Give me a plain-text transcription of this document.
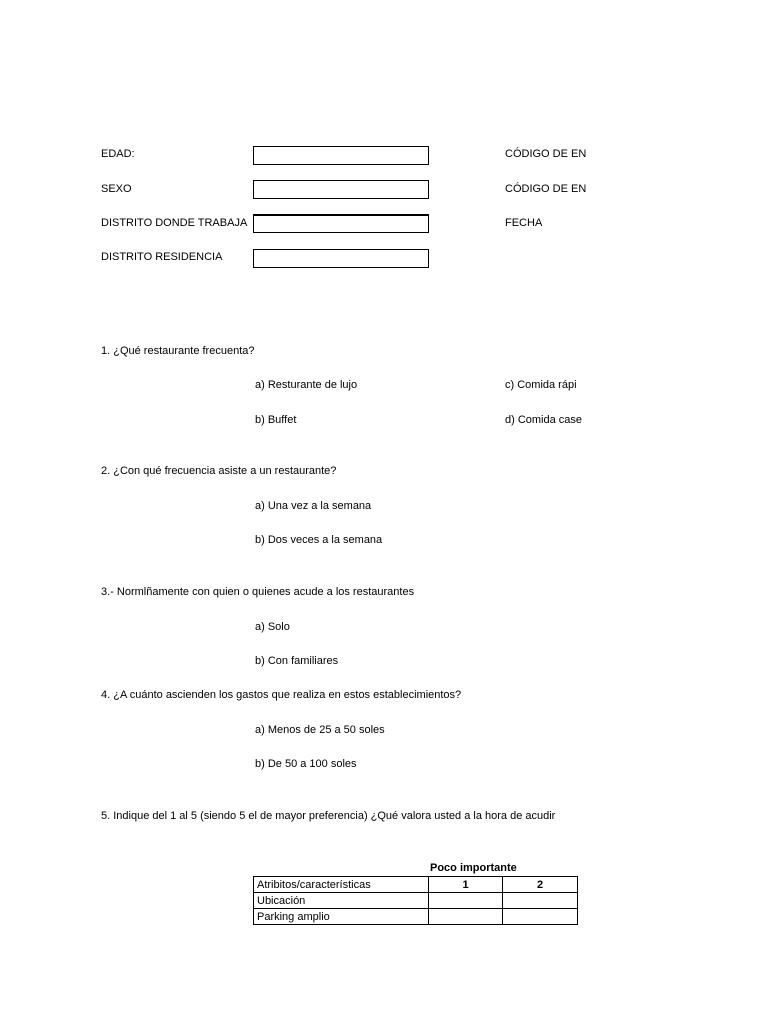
EDAD:	CÓDIGO DE EN
SEXO	CÓDIGO DE EN
DISTRITO DONDE TRABAJA	FECHA
DISTRITO RESIDENCIA
1. ¿Qué restaurante frecuenta?
a) Resturante de lujo	c) Comida rápi
b) Buffet	d) Comida case
2. ¿Con qué frecuencia asiste a un restaurante?
a) Una vez a la semana
b) Dos veces a la semana
3.- Normlñamente con quien o quienes acude a los restaurantes
a) Solo
b) Con familiares
4. ¿A cuánto ascienden los gastos que realiza en estos establecimientos?
a) Menos de 25 a 50 soles
b) De 50 a 100 soles
5. Indique del 1 al 5 (siendo 5 el de mayor preferencia) ¿Qué valora usted a la hora de acudir
Poco importante
Atribitos/características	1	2
Ubicación		
Parking amplio		
